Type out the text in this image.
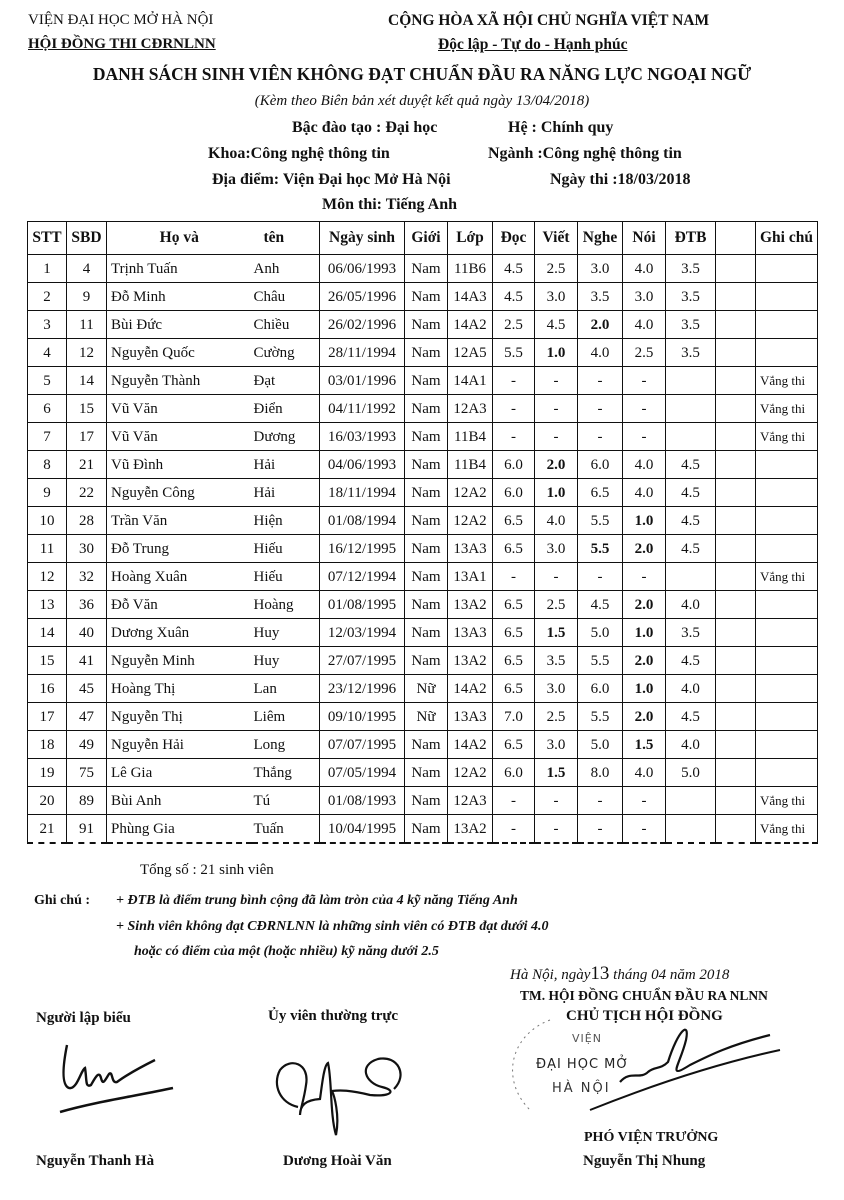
VIỆN ĐẠI HỌC MỞ HÀ NỘI
HỘI ĐỒNG THI CĐRNLNN
CỘNG HÒA XÃ HỘI CHỦ NGHĨA VIỆT NAM
Độc lập - Tự do - Hạnh phúc
DANH SÁCH SINH VIÊN KHÔNG ĐẠT CHUẨN ĐẦU RA NĂNG LỰC NGOẠI NGỮ
(Kèm theo Biên bản xét duyệt kết quả ngày 13/04/2018)
Bậc đào tạo : Đại học	Hệ : Chính quy
Khoa:Công nghệ thông tin	Ngành :Công nghệ thông tin
Địa điểm: Viện Đại học Mở Hà Nội	Ngày thi :18/03/2018
Môn thi: Tiếng Anh
STT	SBD	Họ và	tên	Ngày sinh	Giới	Lớp	Đọc	Viết	Nghe	Nói	ĐTB		Ghi chú
1	4	Trịnh Tuấn	Anh	06/06/1993	Nam	11B6	4.5	2.5	3.0	4.0	3.5		
2	9	Đỗ Minh	Châu	26/05/1996	Nam	14A3	4.5	3.0	3.5	3.0	3.5		
3	11	Bùi Đức	Chiều	26/02/1996	Nam	14A2	2.5	4.5	2.0	4.0	3.5		
4	12	Nguyễn Quốc	Cường	28/11/1994	Nam	12A5	5.5	1.0	4.0	2.5	3.5		
5	14	Nguyễn Thành	Đạt	03/01/1996	Nam	14A1	-	-	-	-			Vắng thi
6	15	Vũ Văn	Điển	04/11/1992	Nam	12A3	-	-	-	-			Vắng thi
7	17	Vũ Văn	Dương	16/03/1993	Nam	11B4	-	-	-	-			Vắng thi
8	21	Vũ Đình	Hải	04/06/1993	Nam	11B4	6.0	2.0	6.0	4.0	4.5		
9	22	Nguyễn Công	Hải	18/11/1994	Nam	12A2	6.0	1.0	6.5	4.0	4.5		
10	28	Trần Văn	Hiện	01/08/1994	Nam	12A2	6.5	4.0	5.5	1.0	4.5		
11	30	Đỗ Trung	Hiếu	16/12/1995	Nam	13A3	6.5	3.0	5.5	2.0	4.5		
12	32	Hoàng Xuân	Hiếu	07/12/1994	Nam	13A1	-	-	-	-			Vắng thi
13	36	Đỗ Văn	Hoàng	01/08/1995	Nam	13A2	6.5	2.5	4.5	2.0	4.0		
14	40	Dương Xuân	Huy	12/03/1994	Nam	13A3	6.5	1.5	5.0	1.0	3.5		
15	41	Nguyễn Minh	Huy	27/07/1995	Nam	13A2	6.5	3.5	5.5	2.0	4.5		
16	45	Hoàng Thị	Lan	23/12/1996	Nữ	14A2	6.5	3.0	6.0	1.0	4.0		
17	47	Nguyễn Thị	Liêm	09/10/1995	Nữ	13A3	7.0	2.5	5.5	2.0	4.5		
18	49	Nguyễn Hải	Long	07/07/1995	Nam	14A2	6.5	3.0	5.0	1.5	4.0		
19	75	Lê Gia	Thắng	07/05/1994	Nam	12A2	6.0	1.5	8.0	4.0	5.0		
20	89	Bùi Anh	Tú	01/08/1993	Nam	12A3	-	-	-	-			Vắng thi
21	91	Phùng Gia	Tuấn	10/04/1995	Nam	13A2	-	-	-	-			Vắng thi
Tổng số : 21 sinh viên
Ghi chú : + ĐTB là điểm trung bình cộng đã làm tròn của 4 kỹ năng Tiếng Anh
+ Sinh viên không đạt CĐRNLNN là những sinh viên có ĐTB đạt dưới 4.0
hoặc có điểm của một (hoặc nhiều) kỹ năng dưới 2.5
Hà Nội, ngày13 tháng 04 năm 2018
Người lập biểu	Ủy viên thường trực
TM. HỘI ĐỒNG CHUẨN ĐẦU RA NLNN
CHỦ TỊCH HỘI ĐỒNG
VIỆN
ĐẠI HỌC MỞ
HÀ NỘI
PHÓ VIỆN TRƯỞNG
Nguyễn Thanh Hà	Dương Hoài Văn	Nguyễn Thị Nhung
